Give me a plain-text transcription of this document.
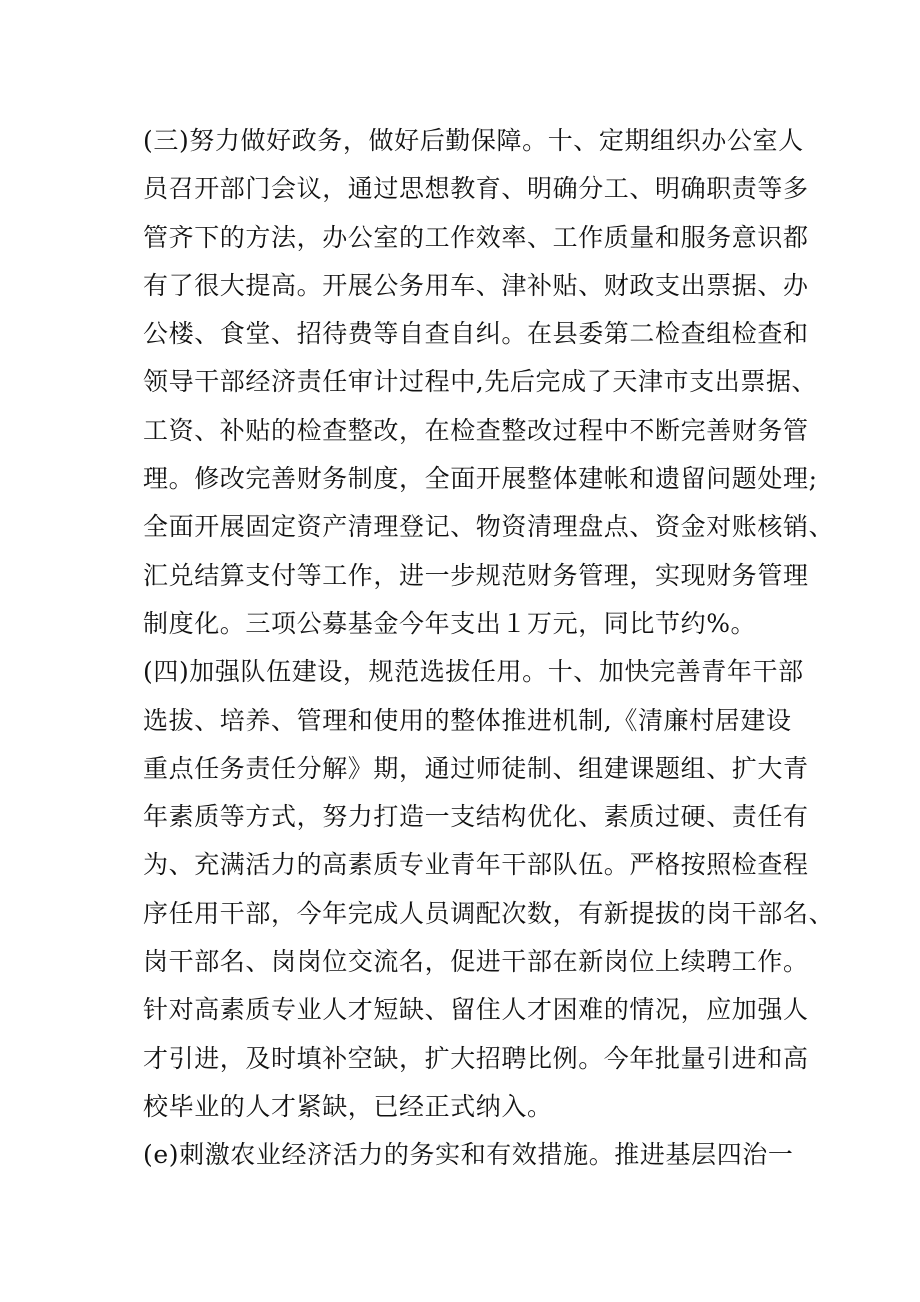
(三)努力做好政务，做好后勤保障。十、定期组织办公室人
员召开部门会议，通过思想教育、明确分工、明确职责等多
管齐下的方法，办公室的工作效率、工作质量和服务意识都
有了很大提高。开展公务用车、津补贴、财政支出票据、办
公楼、食堂、招待费等自查自纠。在县委第二检查组检查和
领导干部经济责任审计过程中,先后完成了天津市支出票据、
工资、补贴的检查整改，在检查整改过程中不断完善财务管
理。修改完善财务制度，全面开展整体建帐和遗留问题处理;
全面开展固定资产清理登记、物资清理盘点、资金对账核销、
汇兑结算支付等工作，进一步规范财务管理，实现财务管理
制度化。三项公募基金今年支出１万元，同比节约%。
(四)加强队伍建设，规范选拔任用。十、加快完善青年干部
选拔、培养、管理和使用的整体推进机制,《清廉村居建设
重点任务责任分解》期，通过师徒制、组建课题组、扩大青
年素质等方式，努力打造一支结构优化、素质过硬、责任有
为、充满活力的高素质专业青年干部队伍。严格按照检查程
序任用干部，今年完成人员调配次数，有新提拔的岗干部名、
岗干部名、岗岗位交流名，促进干部在新岗位上续聘工作。
针对高素质专业人才短缺、留住人才困难的情况，应加强人
才引进，及时填补空缺，扩大招聘比例。今年批量引进和高
校毕业的人才紧缺，已经正式纳入。
(e)刺激农业经济活力的务实和有效措施。推进基层四治一
